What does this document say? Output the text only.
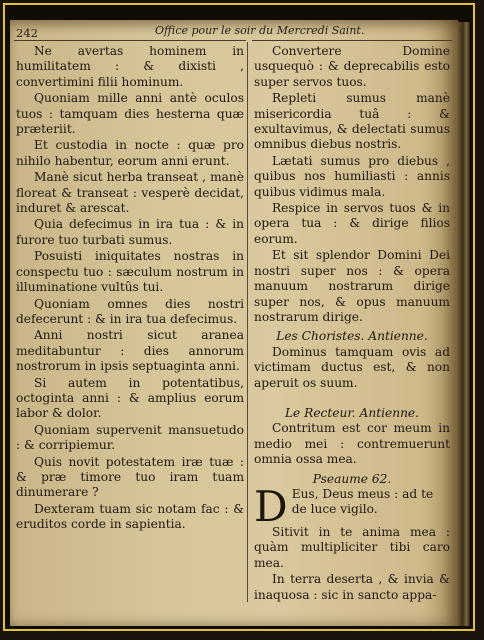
242	Office pour le soir du Mercredi Saint.

Ne avertas hominem in humilitatem : & dixisti , convertimini filii hominum.

Quoniam mille anni antè oculos tuos : tamquam dies hesterna quæ præteriit.

Et custodia in nocte : quæ pro nihilo habentur, eorum anni erunt.

Manè sicut herba transeat , manè floreat & transeat : vesperè decidat, induret & arescat.

Quia defecimus in ira tua : & in furore tuo turbati sumus.

Posuisti iniquitates nostras in conspectu tuo : sæculum nostrum in illuminatione vultûs tui.

Quoniam omnes dies nostri defecerunt : & in ira tua defecimus.

Anni nostri sicut aranea meditabuntur : dies annorum nostrorum in ipsis septuaginta anni.

Si autem in potentatibus, octoginta anni : & amplius eorum labor & dolor.

Quoniam supervenit mansuetudo : & corripiemur.

Quis novit potestatem iræ tuæ : & præ timore tuo iram tuam dinumerare ?

Dexteram tuam sic notam fac : & eruditos corde in sapientia.

Convertere Domine usquequò : & deprecabilis esto super servos tuos.

Repleti sumus manè misericordia tuâ : & exultavimus, & delectati sumus omnibus diebus nostris.

Lætati sumus pro diebus , quibus nos humiliasti : annis quibus vidimus mala.

Respice in servos tuos & in opera tua : & dirige filios eorum.

Et sit splendor Domini Dei nostri super nos : & opera manuum nostrarum dirige super nos, & opus manuum nostrarum dirige.

Les Choristes. Antienne.

Dominus tamquam ovis ad victimam ductus est, & non aperuit os suum.

Le Recteur. Antienne.

Contritum est cor meum in medio mei : contremuerunt omnia ossa mea.

Pseaume 62.
D Eus, Deus meus : ad te de luce vigilo.

Sitivit in te anima mea : quàm multipliciter tibi caro mea.

In terra deserta , & invia & inaquosa : sic in sancto appa-
